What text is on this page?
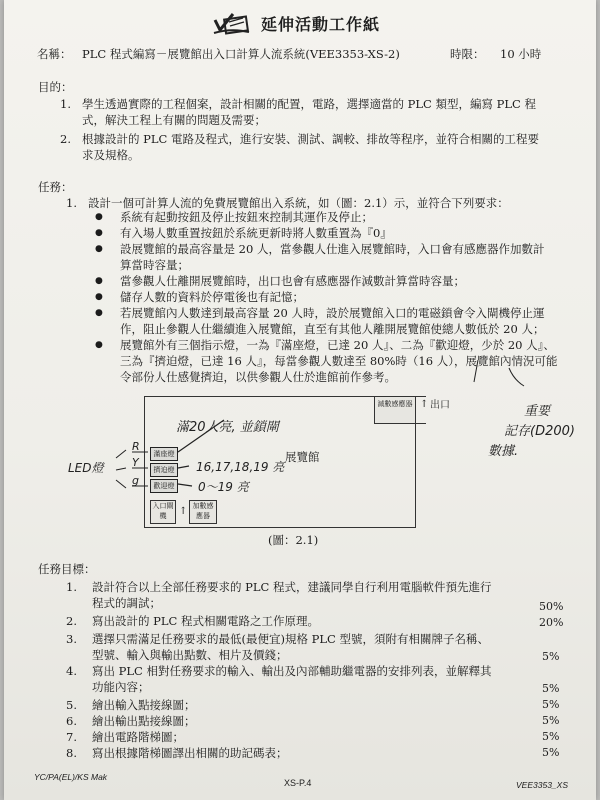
延伸活動工作紙
名稱： PLC 程式編寫－展覽館出入口計算人流系統(VEE3353-XS-2)	時限： 10 小時
目的：
1. 學生透過實際的工程個案，設計相關的配置，電路，選擇適當的 PLC 類型，編寫 PLC 程
式，解決工程上有關的問題及需要；
2. 根據設計的 PLC 電路及程式，進行安裝、測試、調較、排故等程序，並符合相關的工程要
求及規格。
任務：
1. 設計一個可計算人流的免費展覽館出入系統，如（圖：2.1）示，並符合下列要求：
● 系統有起動按鈕及停止按鈕來控制其運作及停止；
● 有入場人數重置按鈕於系統更新時將人數重置為『0』
● 設展覽館的最高容量是 20 人，當參觀人仕進入展覽館時，入口會有感應器作加數計
算當時容量；
● 當參觀人仕離開展覽館時，出口也會有感應器作減數計算當時容量；
● 儲存人數的資料於停電後也有記憶；
● 若展覽館內人數達到最高容量 20 人時，設於展覽館入口的電磁鎖會令入閘機停止運
作，阻止參觀人仕繼續進入展覽館，直至有其他人離開展覽館使總人數低於 20 人；
● 展覽館外有三個指示燈，一為『滿座燈，已達 20 人』、二為『歡迎燈，少於 20 人』、
三為『擠迫燈，已達 16 人』，每當參觀人數達至 80%時（16 人），展覽館內情況可能
令部份人仕感覺擠迫，以供參觀人仕於進館前作參考。
減數感應器 出口
↑
展覽館
滿座燈
擠迫燈
歡迎燈
入口閘機
加數感應器
↑
滿20人亮, 並鎖閘
16,17,18,19 亮
0～19 亮
LED燈
R
Y
g
重要
記存(D200)
數據.
(圖：2.1)
任務目標：
1. 設計符合以上全部任務要求的 PLC 程式，建議同學自行利用電腦軟件預先進行
程式的調試；	50%
2. 寫出設計的 PLC 程式相關電路之工作原理。	20%
3. 選擇只需滿足任務要求的最低(最便宜)規格 PLC 型號，須附有相關牌子名稱、
型號、輸入與輸出點數、相片及價錢；	5%
4. 寫出 PLC 相對任務要求的輸入、輸出及內部輔助繼電器的安排列表，並解釋其
功能內容；	5%
5. 繪出輸入點接線圖；	5%
6. 繪出輸出點接線圖；	5%
7. 繪出電路階梯圖；	5%
8. 寫出根據階梯圖譯出相關的助記碼表；	5%
YC/PA(EL)/KS Mak
XS-P.4	VEE3353_XS
